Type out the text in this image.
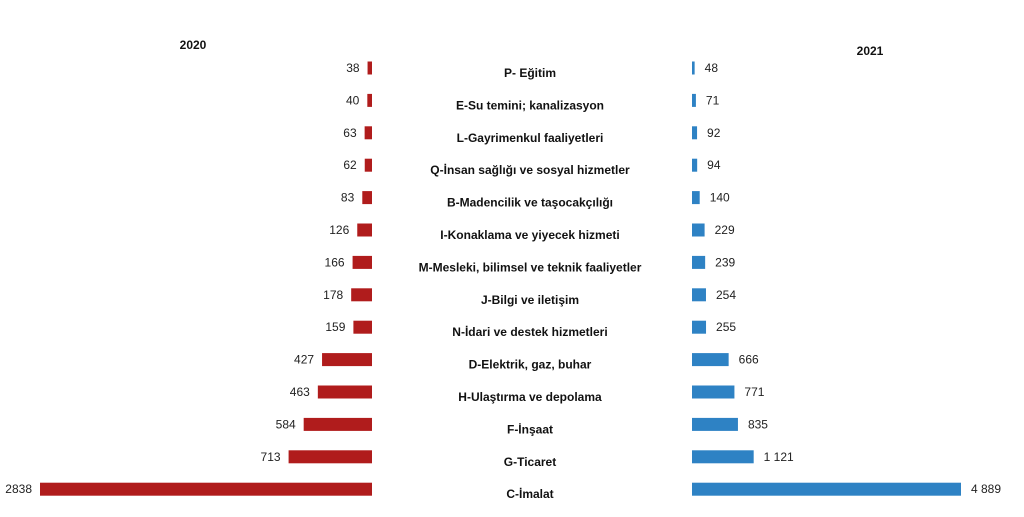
2020	2021
38	P- Eğitim	48
40	E-Su temini; kanalizasyon	71
63	L-Gayrimenkul faaliyetleri	92
62	Q-İnsan sağlığı ve sosyal hizmetler	94
83	B-Madencilik ve taşocakçılığı	140
126	I-Konaklama ve yiyecek hizmeti	229
166	M-Mesleki, bilimsel ve teknik faaliyetler	239
178	J-Bilgi ve iletişim	254
159	N-İdari ve destek hizmetleri	255
427	D-Elektrik, gaz, buhar	666
463	H-Ulaştırma ve depolama	771
584	F-İnşaat	835
713	G-Ticaret	1 121
2838	C-İmalat	4 889
